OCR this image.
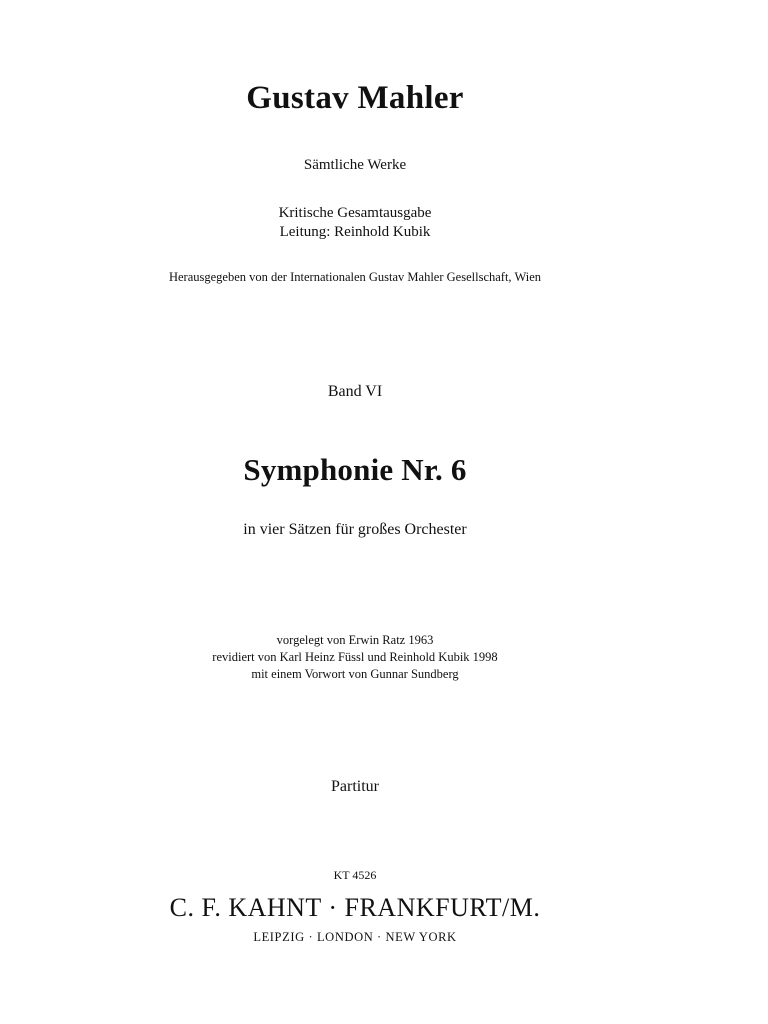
Gustav Mahler

Sämtliche Werke

Kritische Gesamtausgabe

Leitung: Reinhold Kubik

Herausgegeben von der Internationalen Gustav Mahler Gesellschaft, Wien

Band VI

Symphonie Nr. 6

in vier Sätzen für großes Orchester

vorgelegt von Erwin Ratz 1963

revidiert von Karl Heinz Füssl und Reinhold Kubik 1998

mit einem Vorwort von Gunnar Sundberg

Partitur

KT 4526

C. F. KAHNT · FRANKFURT/M.

LEIPZIG · LONDON · NEW YORK
